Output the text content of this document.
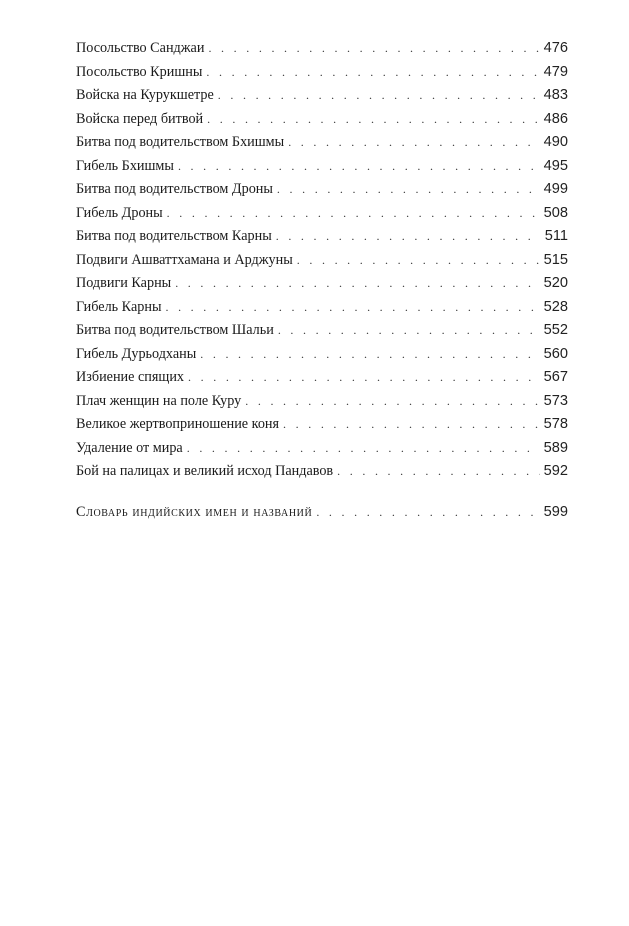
Посольство Санджаи . . .	476
Посольство Кришны . . .	479
Войска на Курукшетре . . .	483
Войска перед битвой . . .	486
Битва под водительством Бхишмы . . .	490
Гибель Бхишмы . . .	495
Битва под водительством Дроны . . .	499
Гибель Дроны . . .	508
Битва под водительством Карны . . .	511
Подвиги Ашваттхамана и Арджуны . . .	515
Подвиги Карны . . .	520
Гибель Карны . . .	528
Битва под водительством Шальи . . .	552
Гибель Дурьодханы . . .	560
Избиение спящих . . .	567
Плач женщин на поле Куру . . .	573
Великое жертвоприношение коня . . .	578
Удаление от мира . . .	589
Бой на палицах и великий исход Пандавов . . .	592
Словарь индийских имен и названий . . .	599
